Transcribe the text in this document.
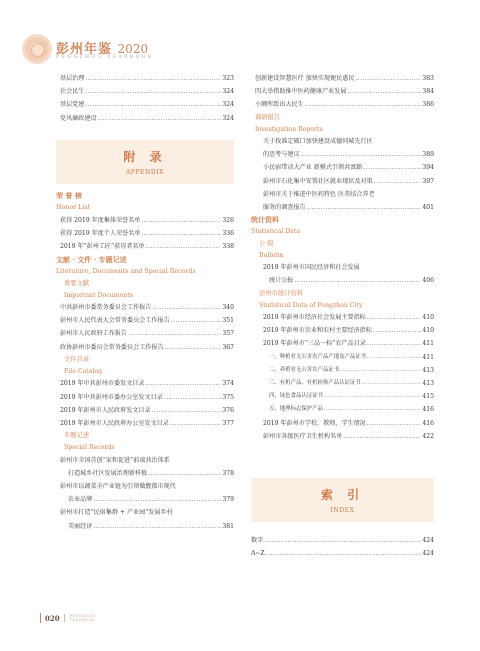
彭州年鉴 2020
PENGZHOU YEARBOOK
基层治理 .....	323
社会民生 .....	324
基层党建 .....	324
党风廉政建设 .....	324
附 录
APPENDIX
荣 誉 榜
Honor List
获得 2019 年度集体荣誉名单 .....	326
获得 2019 年度个人荣誉名单 .....	336
2019 年“彭州工匠”获得者名单 .....	338
文献 · 文件 · 专题记述
Literature, Documents and Special Records
重要文献
Important Documents
中共彭州市委常务委员会工作报告 .....	340
彭州市人民代表大会常务委员会工作报告 .....	351
彭州市人民政府工作报告 .....	357
政协彭州市委员会常务委员会工作报告 .....	367
文件目录
File Catalog
2019 年中共彭州市委发文目录 .....	374
2019 年中共彭州市委办公室发文目录 .....	375
2019 年彭州市人民政府发文目录 .....	376
2019 年彭州市人民政府办公室发文目录 .....	377
专题记述
Special Records
彭州市全国首创“家和促进”前端共治体系
打造城乡社区发展治理新样板 .....	378
彭州市以蔬菜全产业链为引领做靓都市现代
农业品牌 .....	379
彭州市打造“民宿集群 + 产业园”发展乡村
美丽经济 .....	381
创新建设智慧医疗 加快实现便民惠民 .....	383
四大举措助推中医药健康产业发展 .....	384
小额所致出大民生 .....	386
调研报告
Investigation Reports
关于找准定破口加快建设成德同城先行区
的思考与建议 .....	389
小民宿带动大产业 新模式引领共富路 .....	394
彭州市石化集中安置社区就业现状及对策 .....	397
彭州市关于推进中医药特色 医养结合养老
服务的调查报告 .....	401
统计资料
Statistical Data
公 报
Bulletin
2019 年彭州市国民经济和社会发展
统计公报 .....	406
彭州市统计资料
Statistical Data of Pengzhou City
2019 年彭州市经济社会发展主要指标 .....	410
2019 年彭州市农业和农村主要经济指标 .....	410
2019 年彭州市“三品一标”农产品目录 .....	411
一、种植业无公害农产品产地及产品证书 .....	411
二、养殖业无公害农产品证书 .....	413
三、有机产品、有机转换产品认证证书 .....	413
四、绿色食品认证证书 .....	415
五、地理标志保护产品 .....	416
2019 年彭州市学校、教师、学生情况 .....	416
彭州市各级医疗卫生机构名单 .....	422
索 引
INDEX
数字 .....	424
A~Z .....	424
020	PENGZHOU
YEARBOOK
